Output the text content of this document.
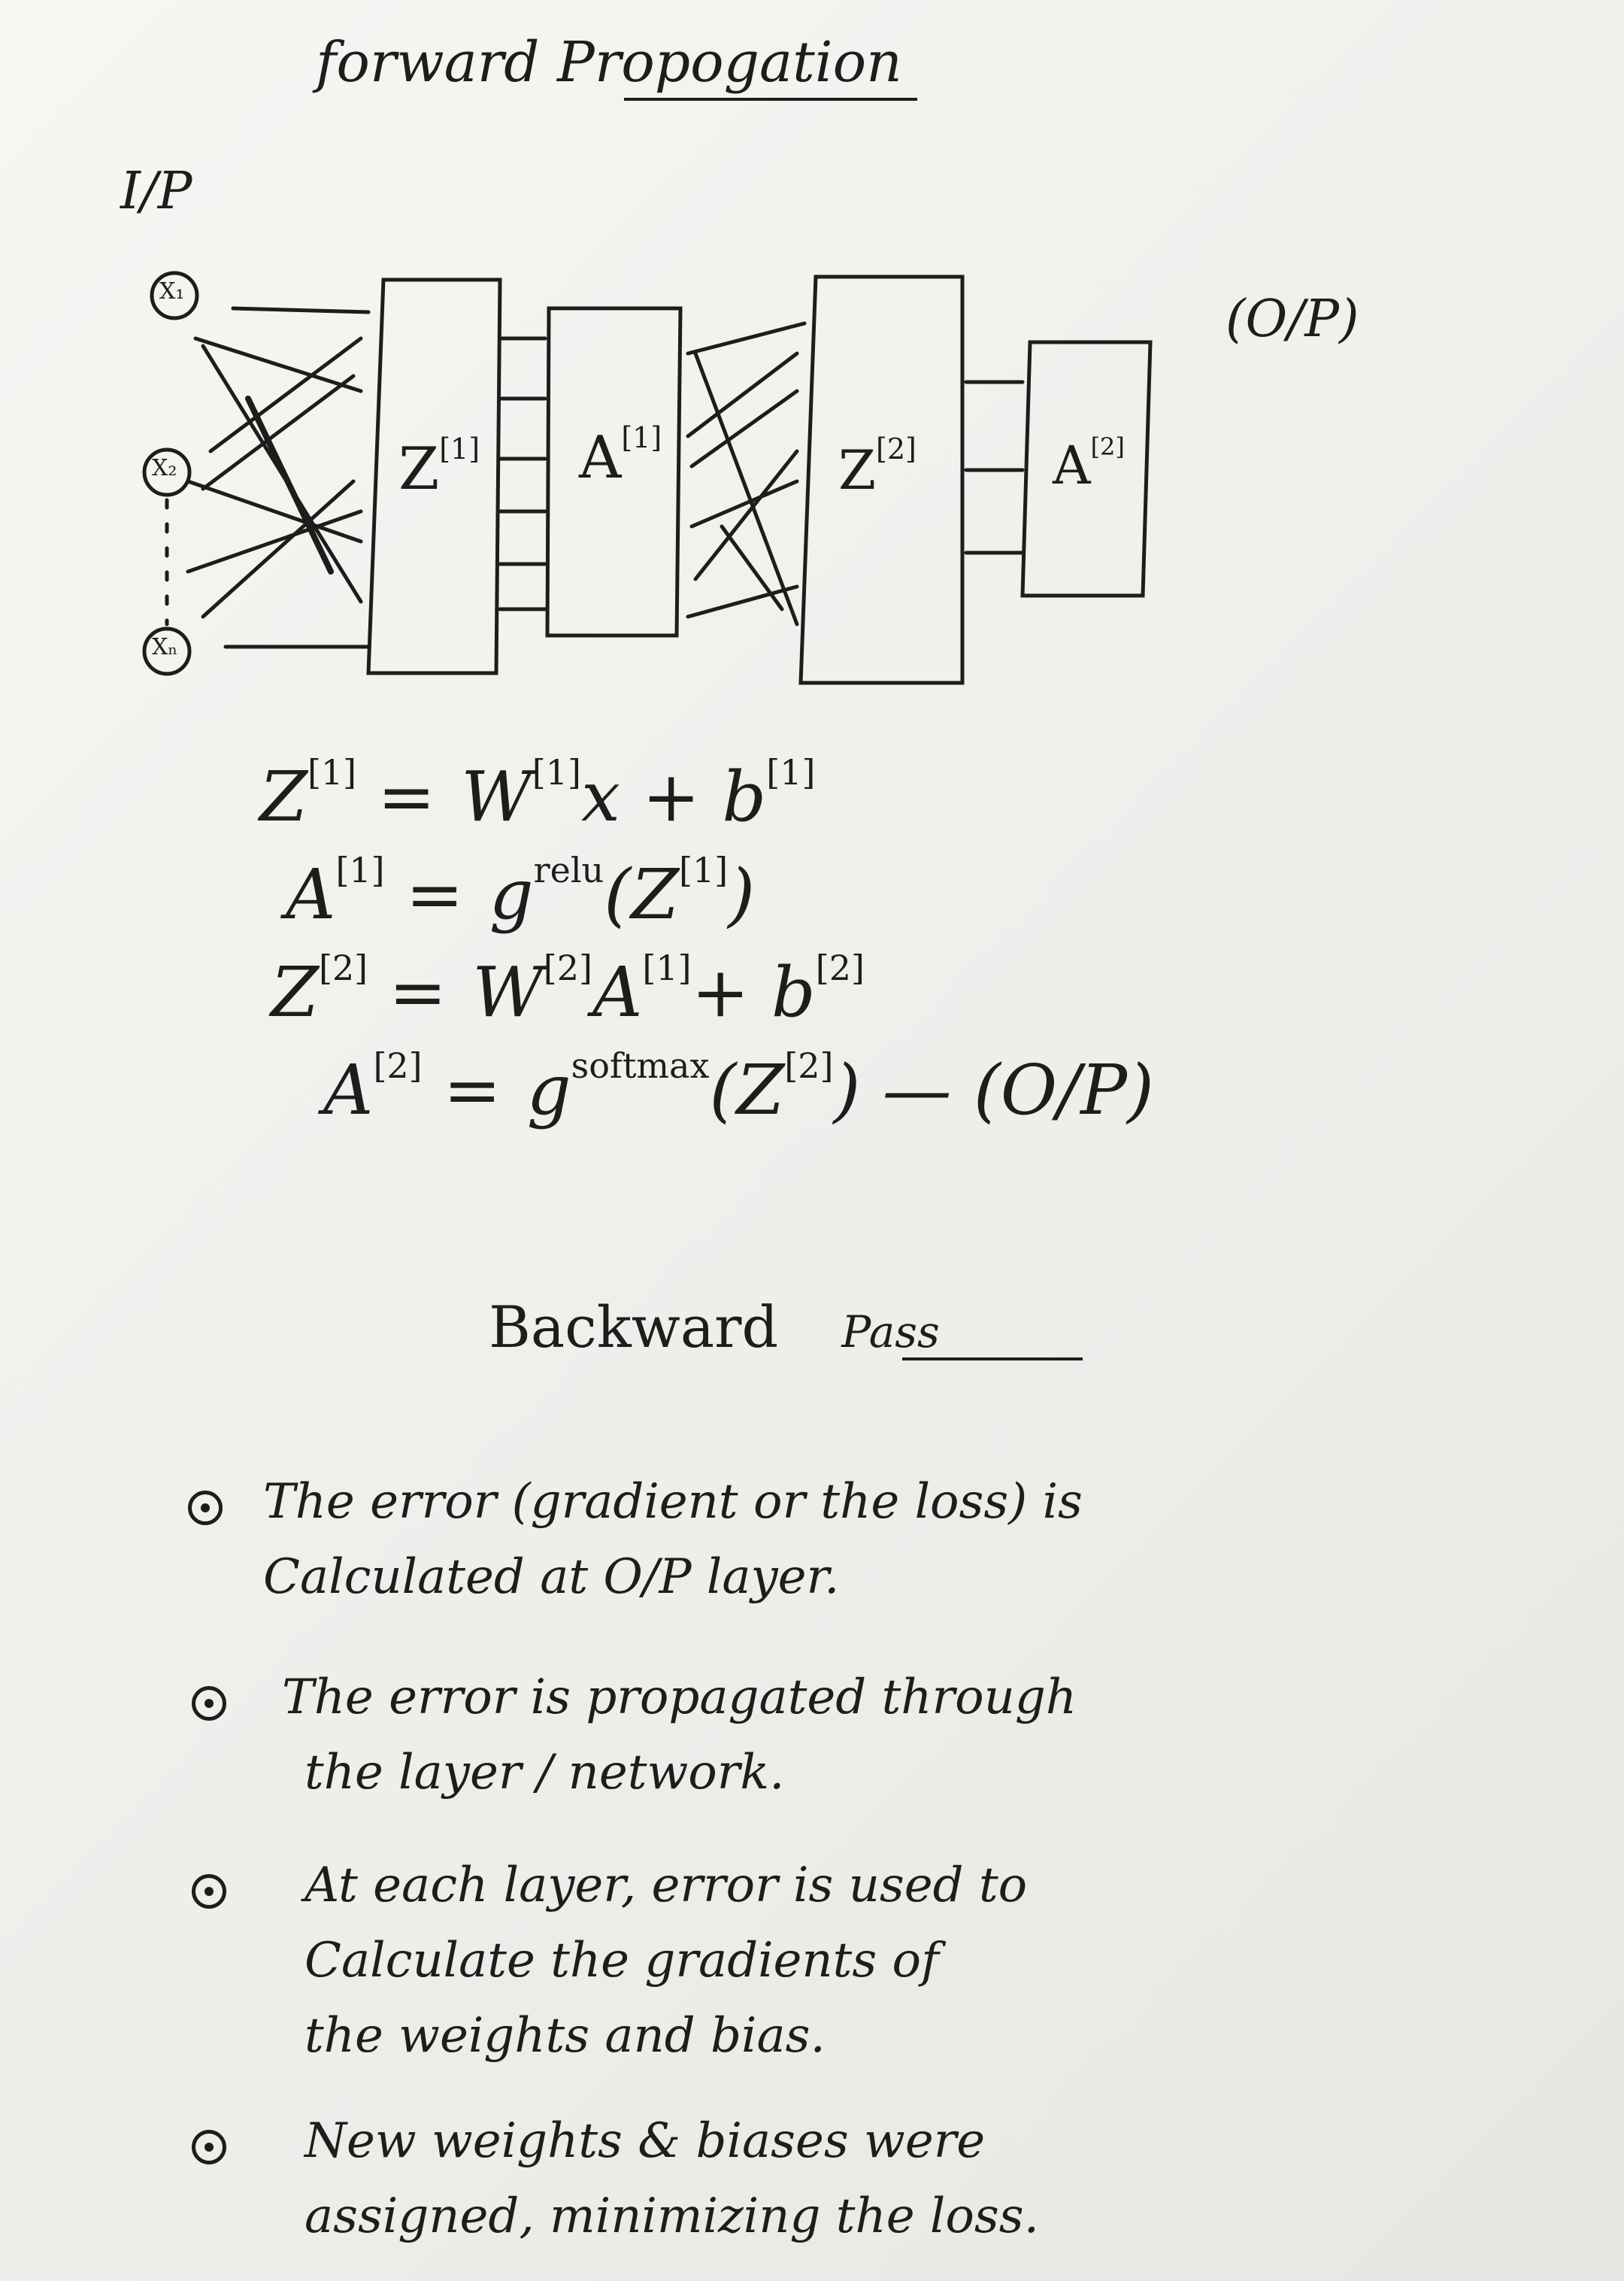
forward Propogation
I/P
(O/P)
X₁
X₂
Xₙ
Z[1] A[1]
Z[2]	A[2]
Z[1] = W[1]x + b[1]
$A[1] = g^{relu}(Z[1])$
Z[2] = W[2]A[1]+ b[2]
$A[2] = g^{softmax}(Z[2])$ — (O/P)
Backward Pass
The error (gradient or the loss) is
Calculated at O/P layer.
The error is propagated through
the layer / network.
At each layer, error is used to
Calculate the gradients of
the weights and bias.
New weights & biases were
assigned, minimizing the loss.
